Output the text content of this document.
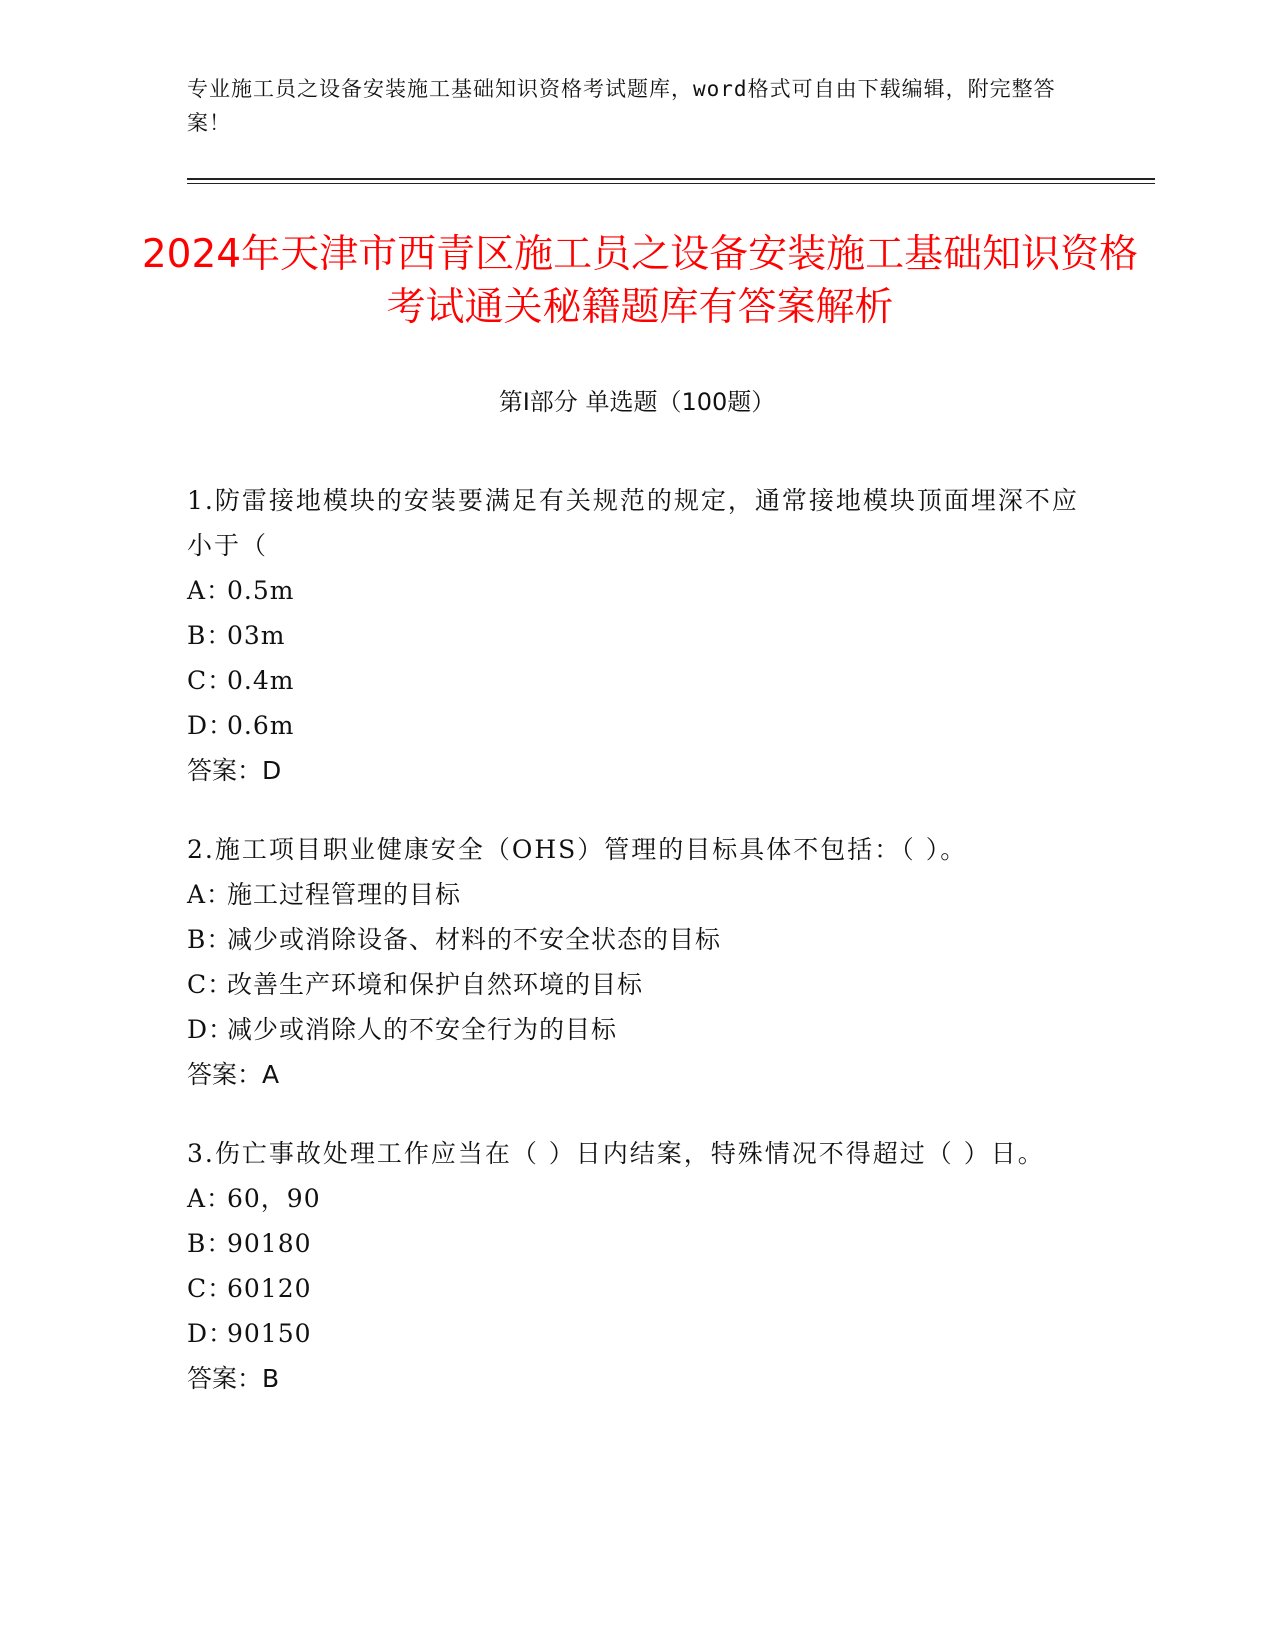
专业施工员之设备安装施工基础知识资格考试题库，word格式可自由下载编辑，附完整答案！
2024年天津市西青区施工员之设备安装施工基础知识资格考试通关秘籍题库有答案解析
第Ⅰ部分 单选题（100题）

1.防雷接地模块的安装要满足有关规范的规定，通常接地模块顶面埋深不应小于（

A：
0.5m
B：
03m
C：
0.4m
D：
0.6m

答案：D

2.施工项目职业健康安全（OHS）管理的目标具体不包括：（ ）。

A：
施工过程管理的目标
B：
减少或消除设备、材料的不安全状态的目标
C：
改善生产环境和保护自然环境的目标
D：
减少或消除人的不安全行为的目标

答案：A

3.伤亡事故处理工作应当在（ ）日内结案，特殊情况不得超过（ ）日。

A：
60，90
B：
90180
C：
60120
D：
90150

答案：B
